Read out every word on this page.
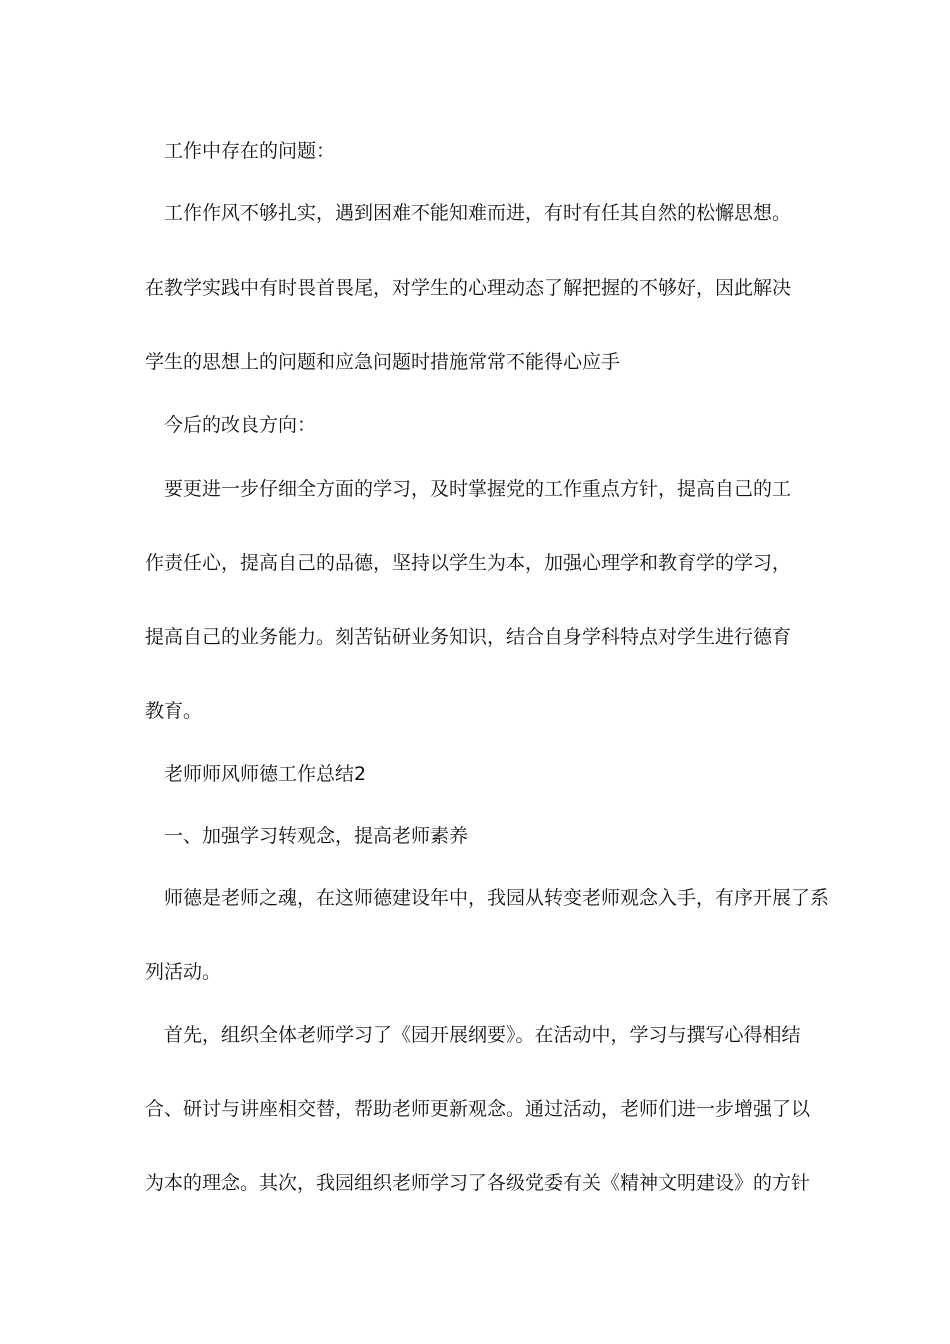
工作中存在的问题：
工作作风不够扎实，遇到困难不能知难而进，有时有任其自然的松懈思想。
在教学实践中有时畏首畏尾，对学生的心理动态了解把握的不够好，因此解决
学生的思想上的问题和应急问题时措施常常不能得心应手
今后的改良方向：
要更进一步仔细全方面的学习，及时掌握党的工作重点方针，提高自己的工
作责任心，提高自己的品德，坚持以学生为本，加强心理学和教育学的学习，
提高自己的业务能力。刻苦钻研业务知识，结合自身学科特点对学生进行德育
教育。
老师师风师德工作总结2
一、加强学习转观念，提高老师素养
师德是老师之魂，在这师德建设年中，我园从转变老师观念入手，有序开展了系
列活动。
首先，组织全体老师学习了《园开展纲要》。在活动中，学习与撰写心得相结
合、研讨与讲座相交替，帮助老师更新观念。通过活动，老师们进一步增强了以
为本的理念。其次，我园组织老师学习了各级党委有关《精神文明建设》的方针
